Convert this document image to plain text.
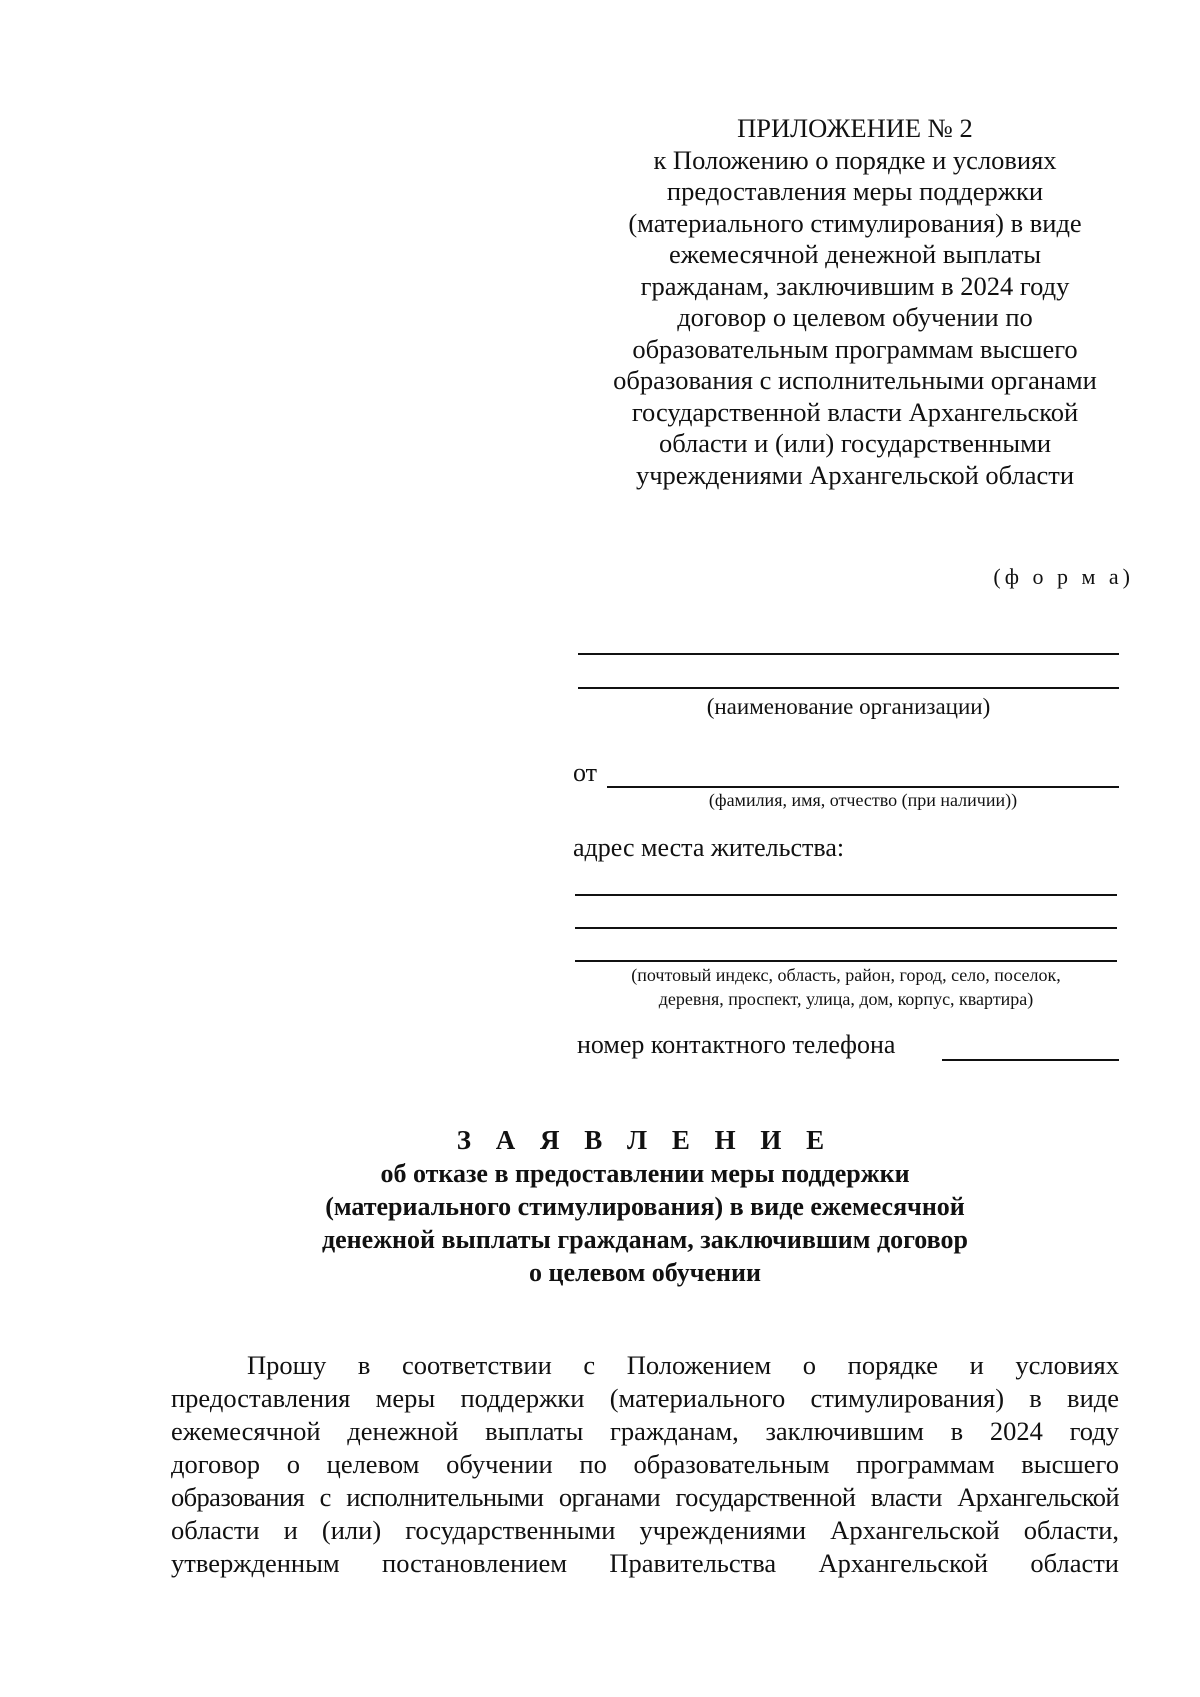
ПРИЛОЖЕНИЕ № 2
к Положению о порядке и условиях
предоставления меры поддержки
(материального стимулирования) в виде
ежемесячной денежной выплаты
гражданам, заключившим в 2024 году
договор о целевом обучении по
образовательным программам высшего
образования с исполнительными органами
государственной власти Архангельской
области и (или) государственными
учреждениями Архангельской области
(ф о р м а)
(наименование организации)
от
(фамилия, имя, отчество (при наличии))
адрес места жительства:
(почтовый индекс, область, район, город, село, поселок,
деревня, проспект, улица, дом, корпус, квартира)
номер контактного телефона
З А Я В Л Е Н И Е
об отказе в предоставлении меры поддержки
(материального стимулирования) в виде ежемесячной
денежной выплаты гражданам, заключившим договор
о целевом обучении
Прошу в соответствии с Положением о порядке и условиях
предоставления меры поддержки (материального стимулирования) в виде
ежемесячной денежной выплаты гражданам, заключившим в 2024 году
договор о целевом обучении по образовательным программам высшего
образования с исполнительными органами государственной власти Архангельской
области и (или) государственными учреждениями Архангельской области,
утвержденным постановлением Правительства Архангельской области
